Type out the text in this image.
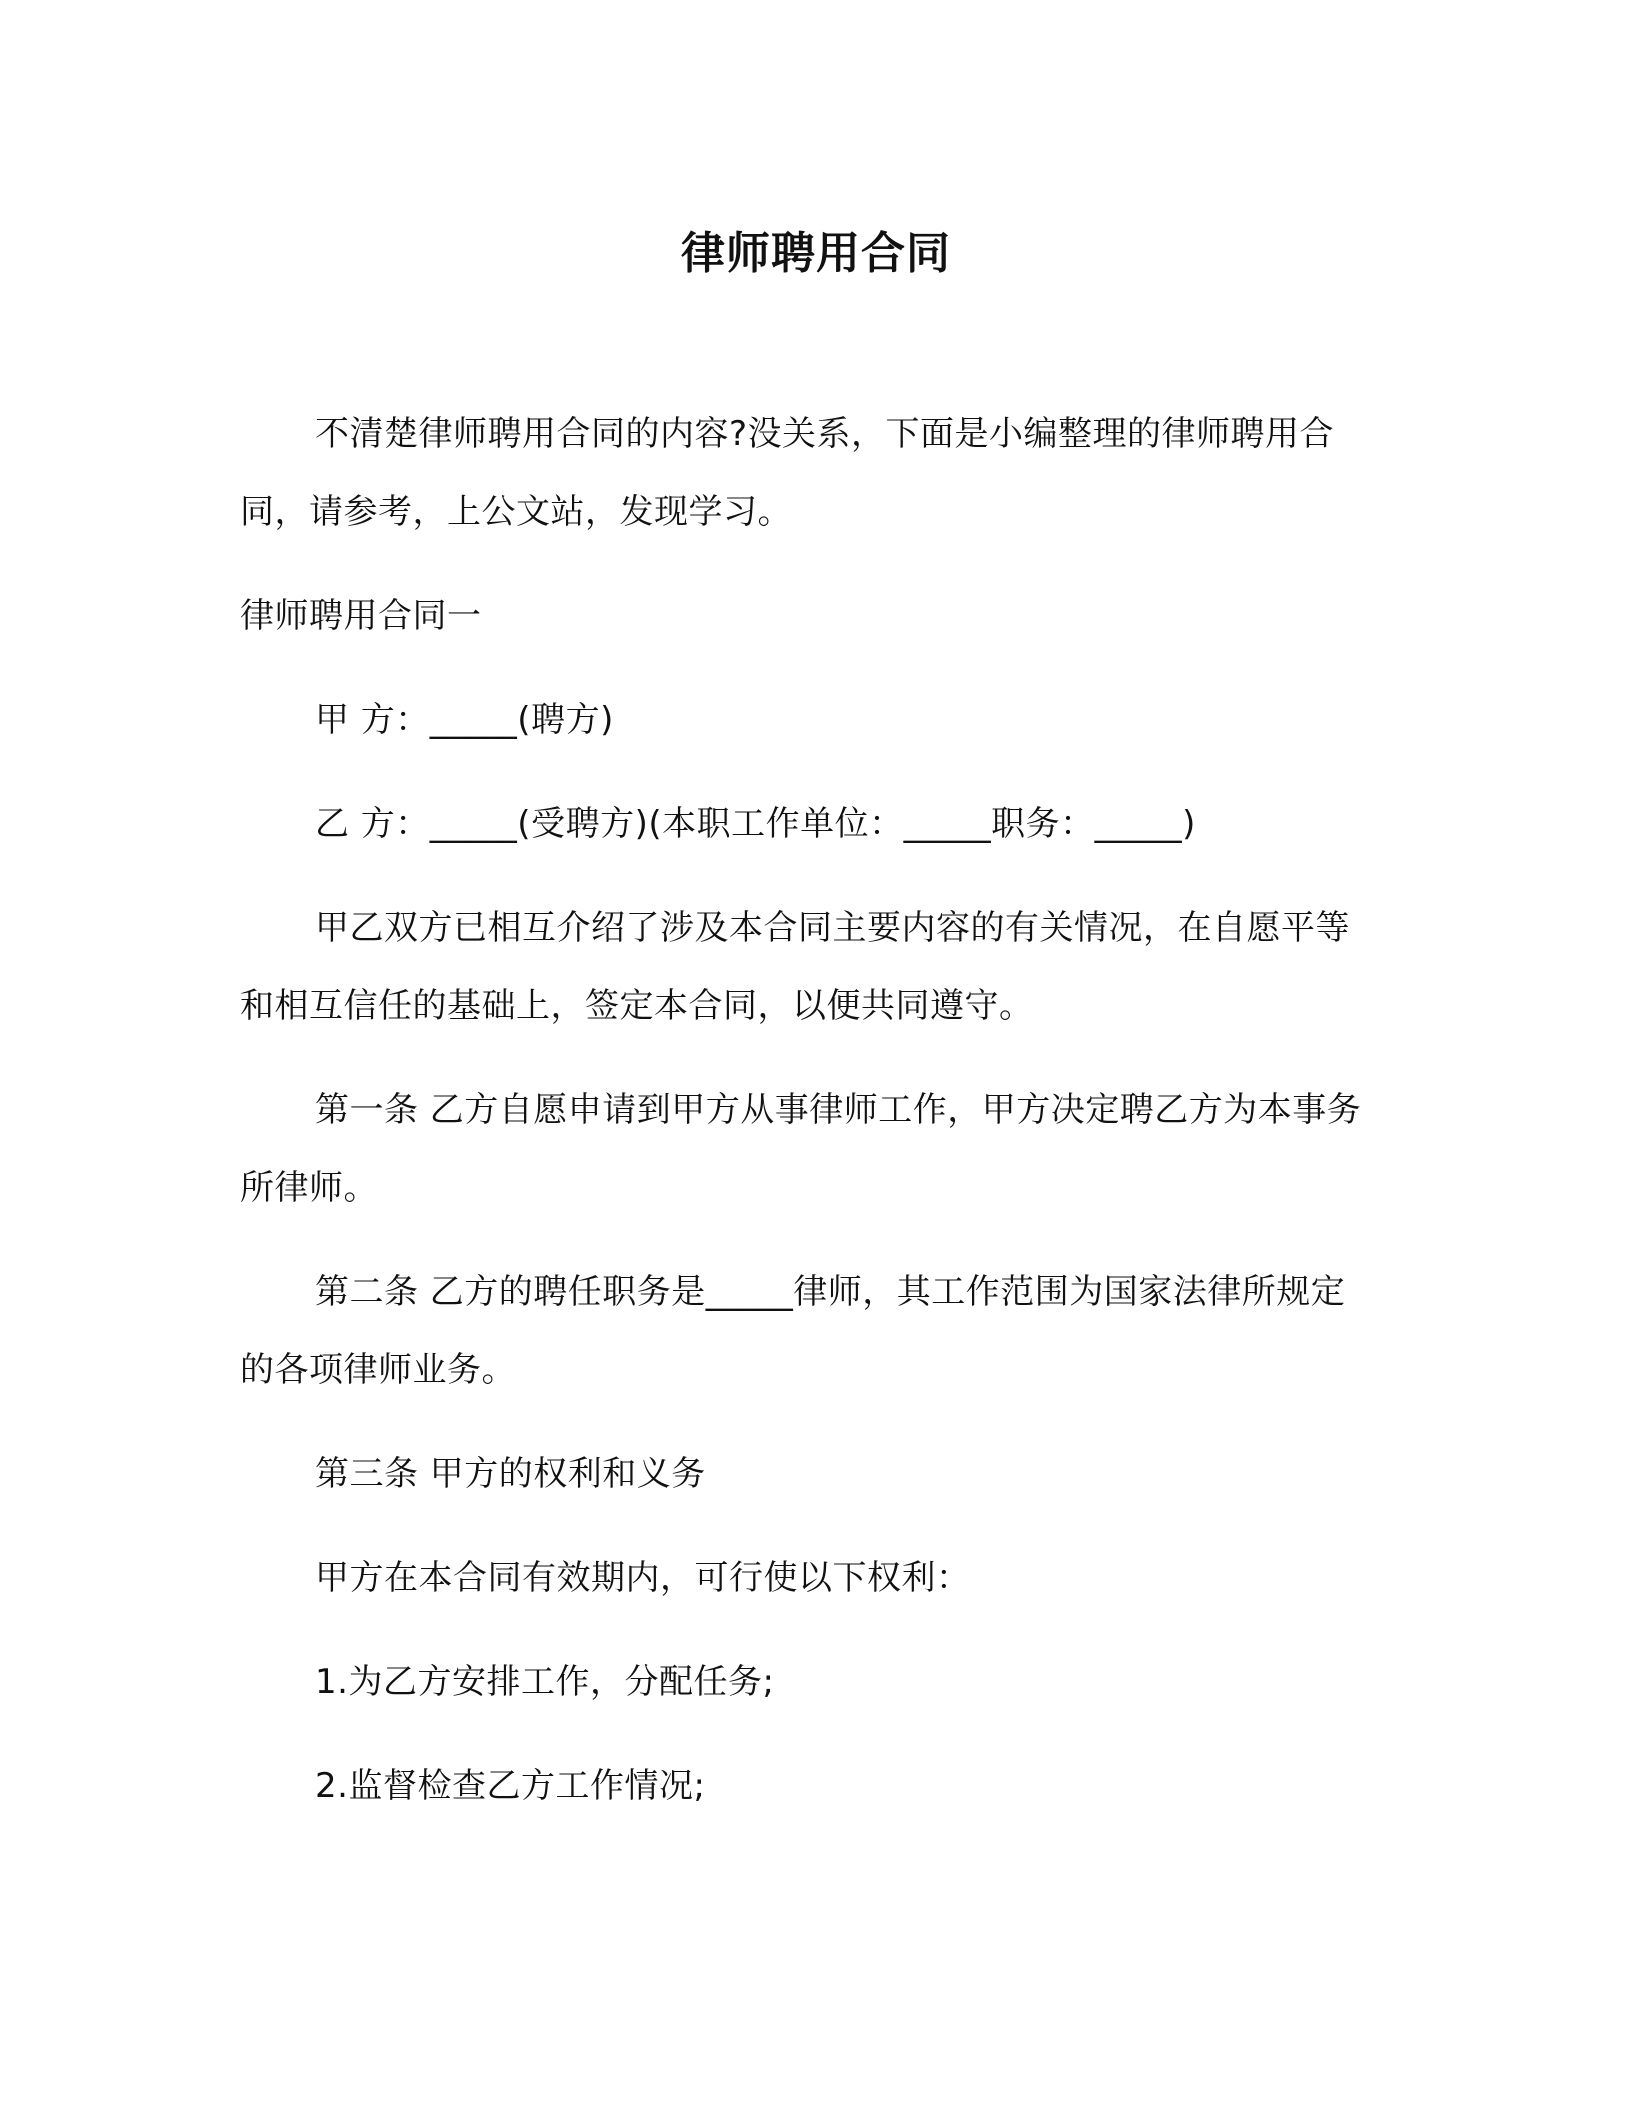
律师聘用合同

不清楚律师聘用合同的内容?没关系，下面是小编整理的律师聘用合同，请参考，上公文站，发现学习。

律师聘用合同一

甲 方：_____(聘方)

乙 方：_____(受聘方)(本职工作单位：_____职务：_____)

甲乙双方已相互介绍了涉及本合同主要内容的有关情况，在自愿平等和相互信任的基础上，签定本合同，以便共同遵守。

第一条 乙方自愿申请到甲方从事律师工作，甲方决定聘乙方为本事务所律师。

第二条 乙方的聘任职务是_____律师，其工作范围为国家法律所规定的各项律师业务。

第三条 甲方的权利和义务

甲方在本合同有效期内，可行使以下权利：

1.为乙方安排工作，分配任务;

2.监督检查乙方工作情况;
